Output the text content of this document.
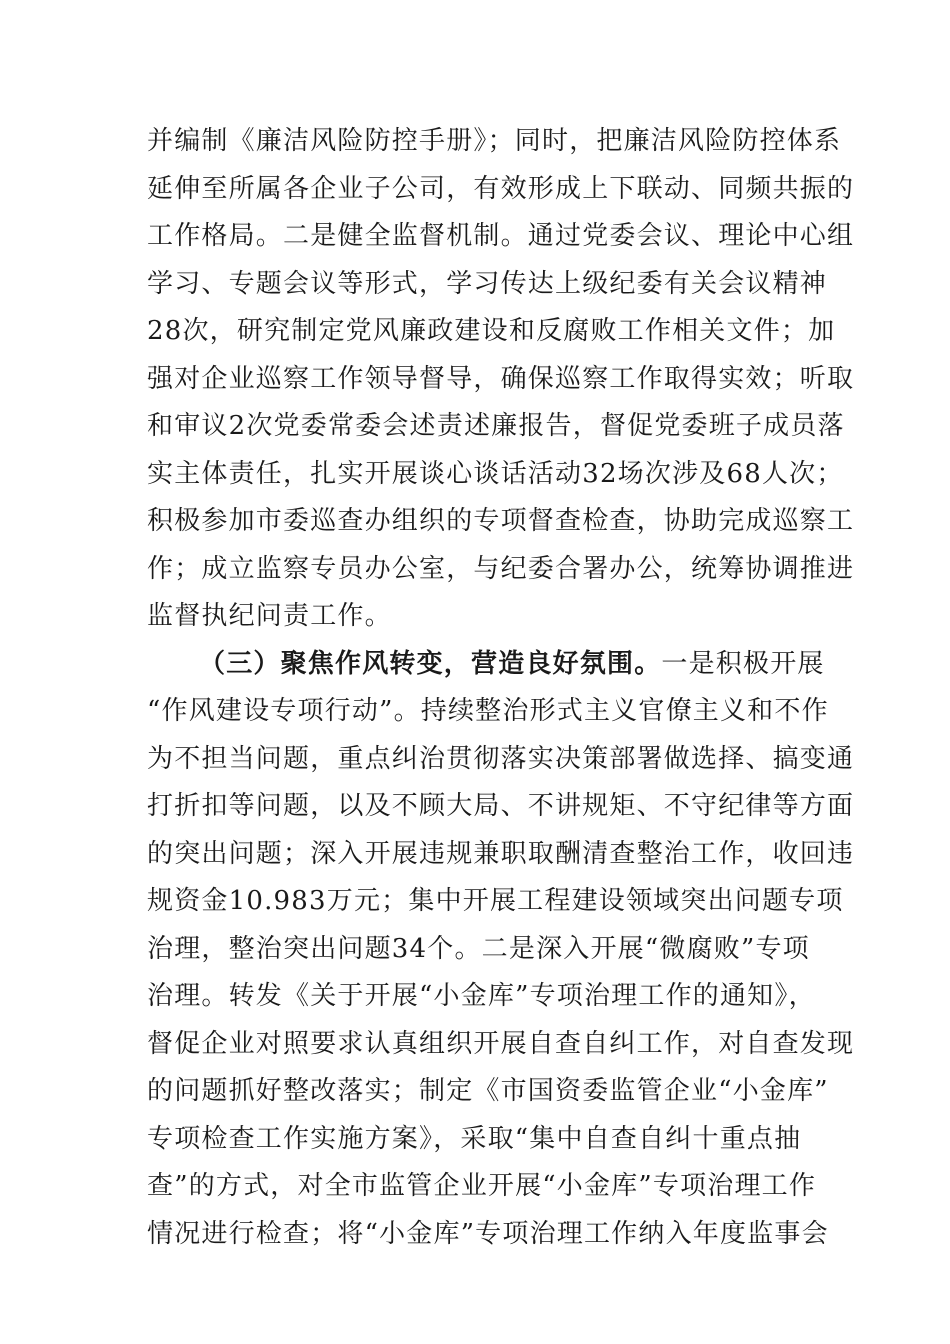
并编制《廉洁风险防控手册》；同时，把廉洁风险防控体系
延伸至所属各企业子公司，有效形成上下联动、同频共振的
工作格局。二是健全监督机制。通过党委会议、理论中心组
学习、专题会议等形式，学习传达上级纪委有关会议精神
28次，研究制定党风廉政建设和反腐败工作相关文件；加
强对企业巡察工作领导督导，确保巡察工作取得实效；听取
和审议2次党委常委会述责述廉报告，督促党委班子成员落
实主体责任，扎实开展谈心谈话活动32场次涉及68人次；
积极参加市委巡查办组织的专项督查检查，协助完成巡察工
作；成立监察专员办公室，与纪委合署办公，统筹协调推进
监督执纪问责工作。
（三）聚焦作风转变，营造良好氛围。一是积极开展
“作风建设专项行动”。持续整治形式主义官僚主义和不作
为不担当问题，重点纠治贯彻落实决策部署做选择、搞变通
打折扣等问题，以及不顾大局、不讲规矩、不守纪律等方面
的突出问题；深入开展违规兼职取酬清查整治工作，收回违
规资金10.983万元；集中开展工程建设领域突出问题专项
治理，整治突出问题34个。二是深入开展“微腐败”专项
治理。转发《关于开展“小金库”专项治理工作的通知》，
督促企业对照要求认真组织开展自查自纠工作，对自查发现
的问题抓好整改落实；制定《市国资委监管企业“小金库”
专项检查工作实施方案》，采取“集中自查自纠十重点抽
查”的方式，对全市监管企业开展“小金库”专项治理工作
情况进行检查；将“小金库”专项治理工作纳入年度监事会
